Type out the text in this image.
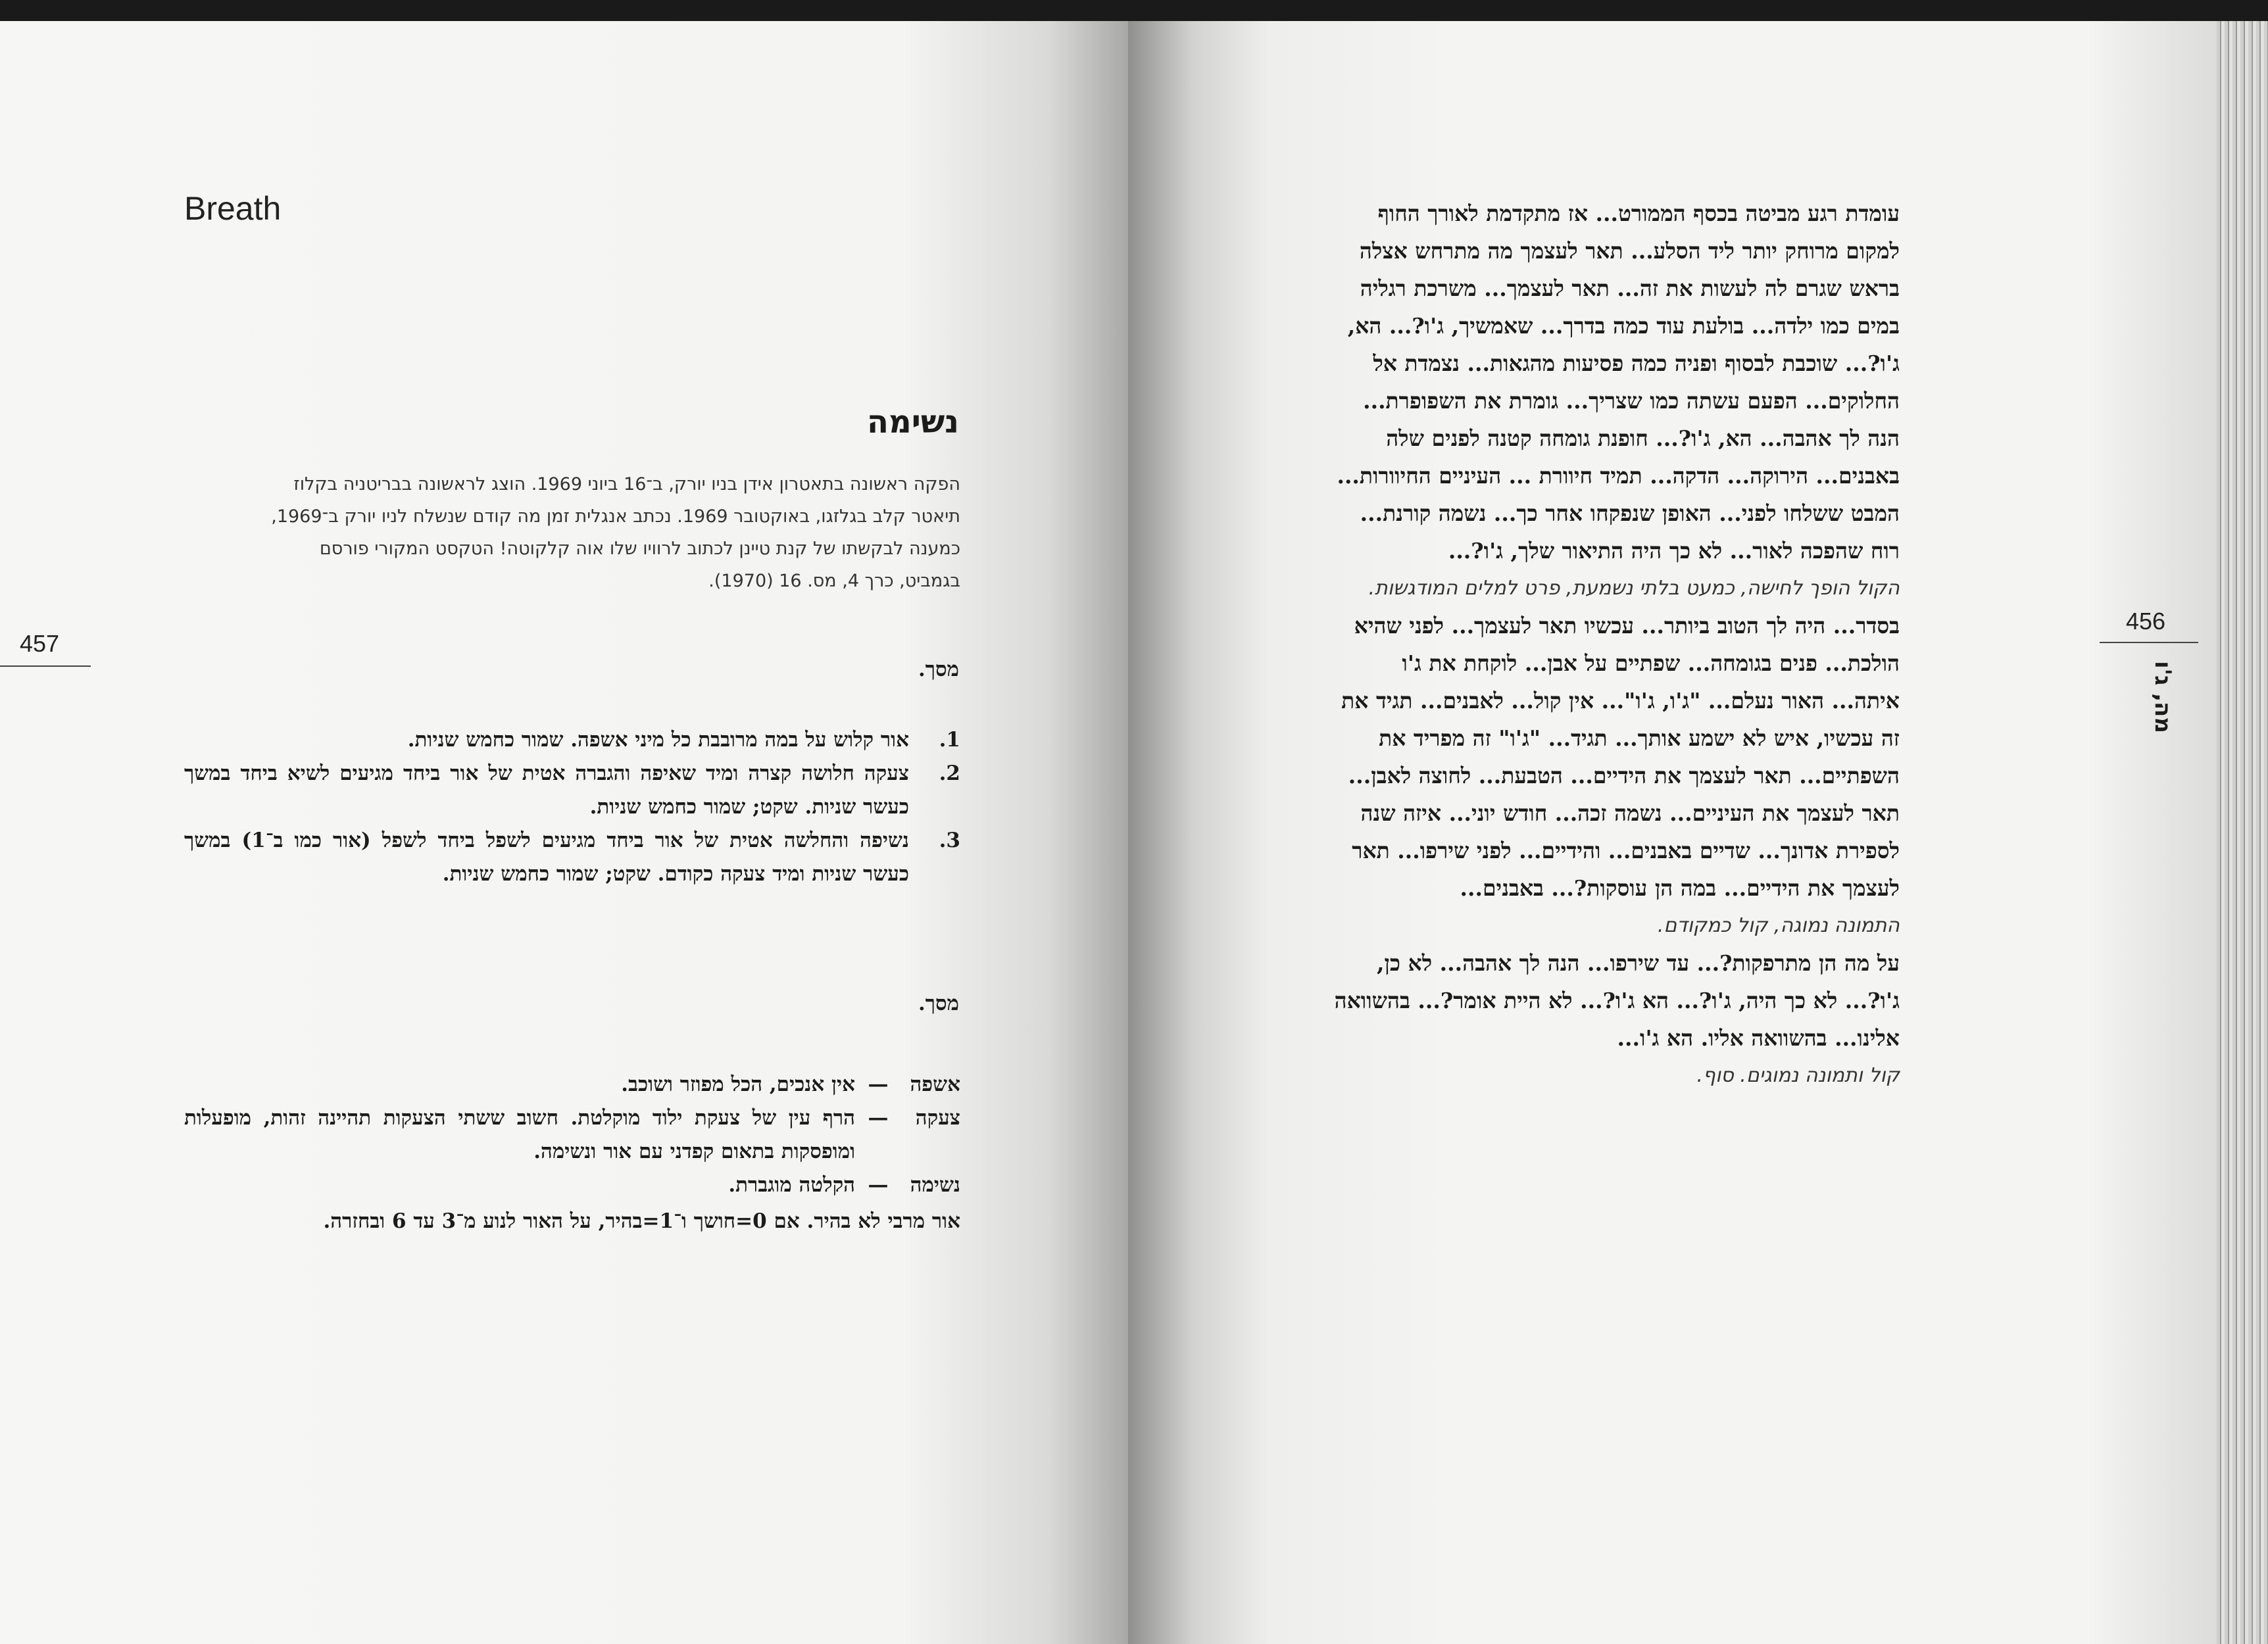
Breath
457
נשימה

הפקה ראשונה בתאטרון אידן בניו יורק, ב־16 ביוני 1969. הוצג לראשונה בבריטניה בקלוז

תיאטר קלב בגלזגו, באוקטובר 1969. נכתב אנגלית זמן מה קודם שנשלח לניו יורק ב־1969,

כמענה לבקשתו של קנת טיינן לכתוב לרוויו שלו אוה קלקוטה! הטקסט המקורי פורסם

בגמביט, כרך 4, מס. 16 (1970).

מסך.
1.
אור קלוש על במה מרובבת כל מיני אשפה. שמור כחמש שניות.
2.
צעקה חלושה קצרה ומיד שאיפה והגברה אטית של אור ביחד מגיעים לשיא ביחד במשך כעשר שניות. שקט; שמור כחמש שניות.
3.
נשיפה והחלשה אטית של אור ביחד מגיעים לשפל ביחד לשפל (אור כמו ב־1) במשך כעשר שניות ומיד צעקה כקודם. שקט; שמור כחמש שניות.
מסך.
אשפה
—
אין אנכים, הכל מפוזר ושוכב.
צעקה
—
הרף עין של צעקת ילוד מוקלטת. חשוב ששתי הצעקות תהיינה זהות, מופעלות ומופסקות בתאום קפדני עם אור ונשימה.
נשימה
—
הקלטה מוגברת.
אור מרבי לא בהיר. אם 0=חושך ו־1=בהיר, על האור לנוע מ־3 עד 6 ובחזרה.

עומדת רגע מביטה בכסף הממורט... אז מתקדמת לאורך החוף

למקום מרוחק יותר ליד הסלע... תאר לעצמך מה מתרחש אצלה

בראש שגרם לה לעשות את זה... תאר לעצמך... משרכת רגליה

במים כמו ילדה... בולעת עוד כמה בדרך... שאמשיך, ג'ו?... הא,

ג'ו?... שוכבת לבסוף ופניה כמה פסיעות מהגאות... נצמדת אל

החלוקים... הפעם עשתה כמו שצריך... גומרת את השפופרת...

הנה לך אהבה... הא, ג'ו?... חופנת גומחה קטנה לפנים שלה

באבנים... הירוקה... הדקה... תמיד חיוורת ... העיניים החיוורות...

המבט ששלחו לפני... האופן שנפקחו אחר כך... נשמה קורנת...

רוח שהפכה לאור... לא כך היה התיאור שלך, ג'ו?...

הקול הופך לחישה, כמעט בלתי נשמעת, פרט למלים המודגשות.

בסדר... היה לך הטוב ביותר... עכשיו תאר לעצמך... לפני שהיא

הולכת... פנים בגומחה... שפתיים על אבן... לוקחת את ג'ו

איתה... האור נעלם... "ג'ו, ג'ו"... אין קול... לאבנים... תגיד את

זה עכשיו, איש לא ישמע אותך... תגיד... "ג'ו" זה מפריד את

השפתיים... תאר לעצמך את הידיים... הטבעת... לחוצה לאבן...

תאר לעצמך את העיניים... נשמה זכה... חודש יוני... איזה שנה

לספירת אדונך... שדיים באבנים... והידיים... לפני שירפו... תאר

לעצמך את הידיים... במה הן עוסקות?... באבנים...

התמונה נמוגה, קול כמקודם.

על מה הן מתרפקות?... עד שירפו... הנה לך אהבה... לא כן,

ג'ו?... לא כך היה, ג'ו?... הא ג'ו?... לא היית אומר?... בהשוואה

אלינו... בהשוואה אליו. הא ג'ו...

קול ותמונה נמוגים. סוף.

456
מה, ג'ו
